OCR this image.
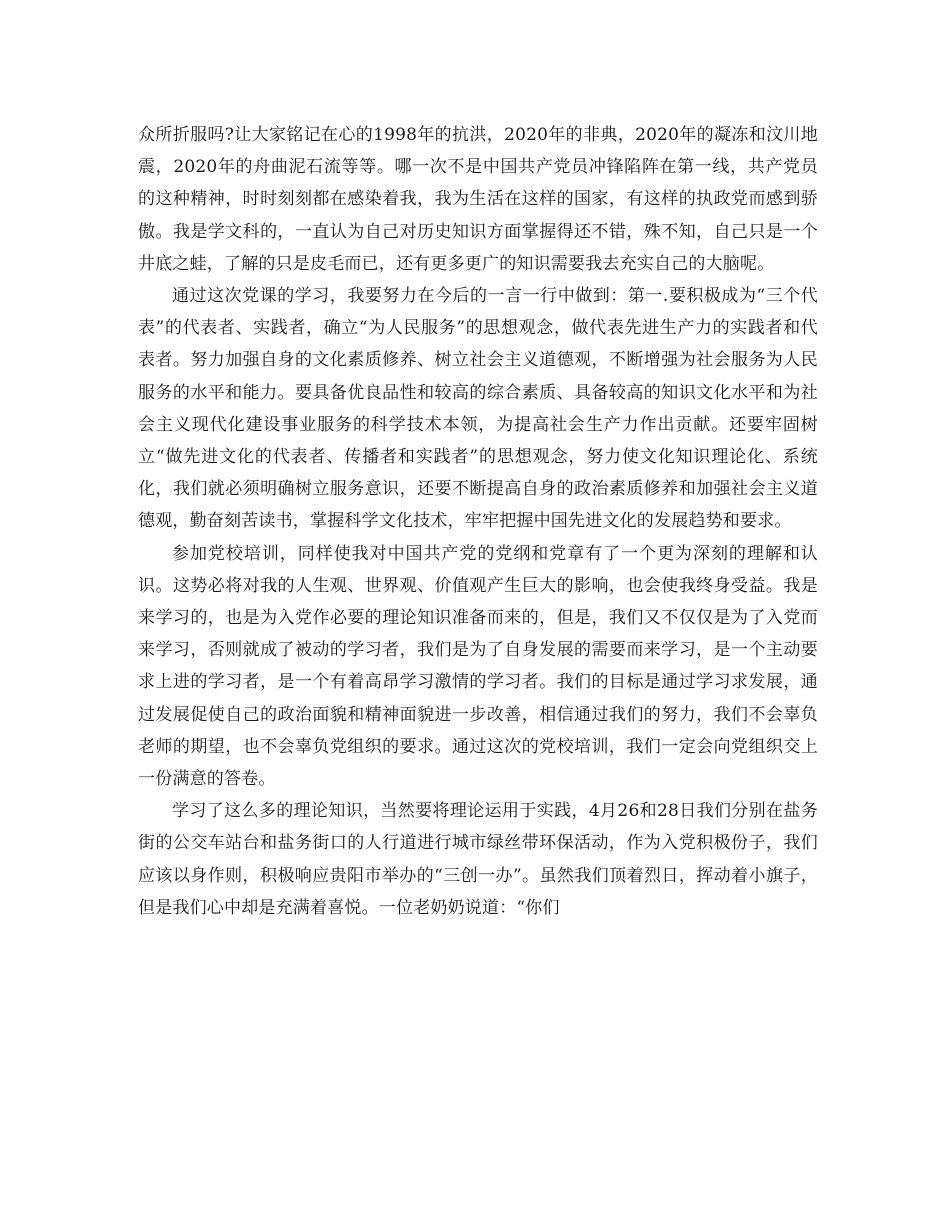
众所折服吗?让大家铭记在心的1998年的抗洪，2020年的非典，2020年的凝冻和汶川地震，2020年的舟曲泥石流等等。哪一次不是中国共产党员冲锋陷阵在第一线，共产党员的这种精神，时时刻刻都在感染着我，我为生活在这样的国家，有这样的执政党而感到骄傲。我是学文科的，一直认为自己对历史知识方面掌握得还不错，殊不知，自己只是一个井底之蛙，了解的只是皮毛而已，还有更多更广的知识需要我去充实自己的大脑呢。

通过这次党课的学习，我要努力在今后的一言一行中做到：第一.要积极成为“三个代表”的代表者、实践者，确立“为人民服务”的思想观念，做代表先进生产力的实践者和代表者。努力加强自身的文化素质修养、树立社会主义道德观，不断增强为社会服务为人民服务的水平和能力。要具备优良品性和较高的综合素质、具备较高的知识文化水平和为社会主义现代化建设事业服务的科学技术本领，为提高社会生产力作出贡献。还要牢固树立“做先进文化的代表者、传播者和实践者”的思想观念，努力使文化知识理论化、系统化，我们就必须明确树立服务意识，还要不断提高自身的政治素质修养和加强社会主义道德观，勤奋刻苦读书，掌握科学文化技术，牢牢把握中国先进文化的发展趋势和要求。

参加党校培训，同样使我对中国共产党的党纲和党章有了一个更为深刻的理解和认识。这势必将对我的人生观、世界观、价值观产生巨大的影响，也会使我终身受益。我是来学习的，也是为入党作必要的理论知识准备而来的，但是，我们又不仅仅是为了入党而来学习，否则就成了被动的学习者，我们是为了自身发展的需要而来学习，是一个主动要求上进的学习者，是一个有着高昂学习激情的学习者。我们的目标是通过学习求发展，通过发展促使自己的政治面貌和精神面貌进一步改善，相信通过我们的努力，我们不会辜负老师的期望，也不会辜负党组织的要求。通过这次的党校培训，我们一定会向党组织交上一份满意的答卷。

学习了这么多的理论知识，当然要将理论运用于实践，4月26和28日我们分别在盐务街的公交车站台和盐务街口的人行道进行城市绿丝带环保活动，作为入党积极份子，我们应该以身作则，积极响应贵阳市举办的“三创一办”。虽然我们顶着烈日，挥动着小旗子，但是我们心中却是充满着喜悦。一位老奶奶说道：“你们
